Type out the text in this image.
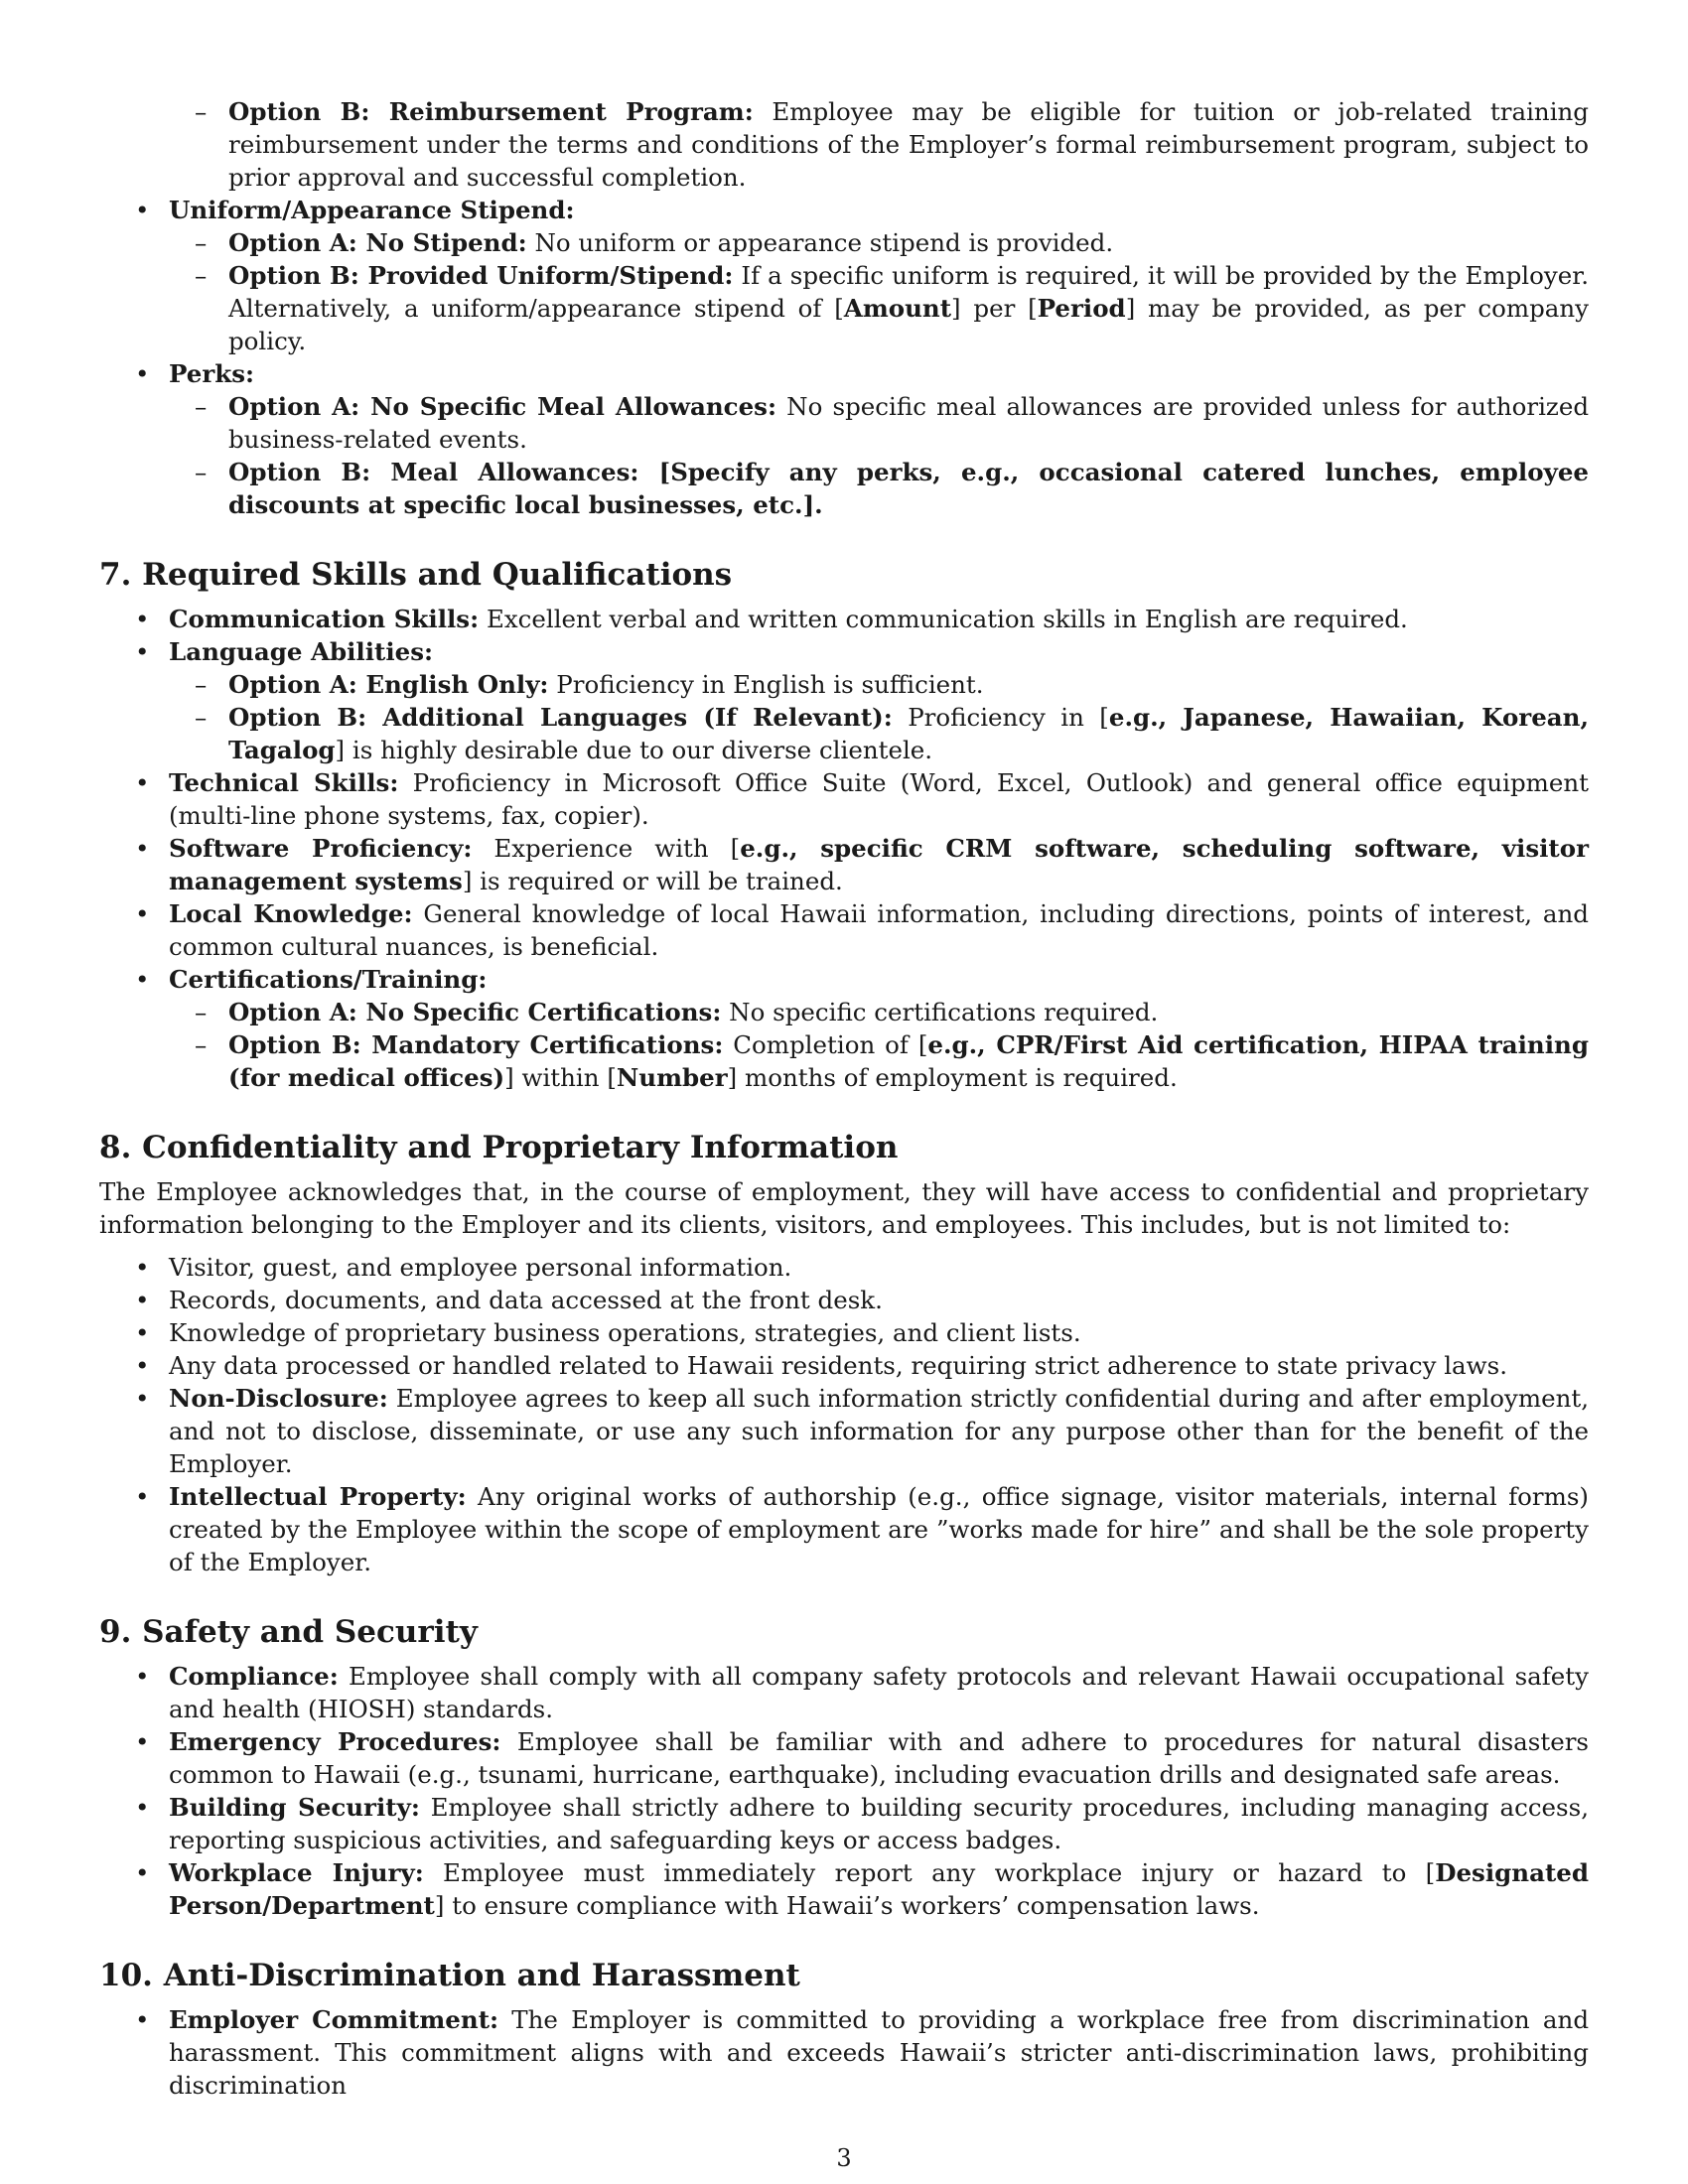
– Option B: Reimbursement Program: Employee may be eligible for tuition or job-related training reimbursement under the terms and conditions of the Employer’s formal reimbursement program, subject to prior approval and successful completion.
• Uniform/Appearance Stipend:
– Option A: No Stipend: No uniform or appearance stipend is provided.
– Option B: Provided Uniform/Stipend: If a specific uniform is required, it will be provided by the Employer. Alternatively, a uniform/appearance stipend of [Amount] per [Period] may be provided, as per company policy.
• Perks:
– Option A: No Specific Meal Allowances: No specific meal allowances are provided unless for authorized business-related events.
– Option B: Meal Allowances: [Specify any perks, e.g., occasional catered lunches, employee discounts at specific local businesses, etc.].
7. Required Skills and Qualifications
• Communication Skills: Excellent verbal and written communication skills in English are required.
• Language Abilities:
– Option A: English Only: Proficiency in English is sufficient.
– Option B: Additional Languages (If Relevant): Proficiency in [e.g., Japanese, Hawaiian, Korean, Tagalog] is highly desirable due to our diverse clientele.
• Technical Skills: Proficiency in Microsoft Office Suite (Word, Excel, Outlook) and general office equipment (multi-line phone systems, fax, copier).
• Software Proficiency: Experience with [e.g., specific CRM software, scheduling software, visitor management systems] is required or will be trained.
• Local Knowledge: General knowledge of local Hawaii information, including directions, points of interest, and common cultural nuances, is beneficial.
• Certifications/Training:
– Option A: No Specific Certifications: No specific certifications required.
– Option B: Mandatory Certifications: Completion of [e.g., CPR/First Aid certification, HIPAA training (for medical offices)] within [Number] months of employment is required.
8. Confidentiality and Proprietary Information

The Employee acknowledges that, in the course of employment, they will have access to confidential and proprietary information belonging to the Employer and its clients, visitors, and employees. This includes, but is not limited to:

• Visitor, guest, and employee personal information.
• Records, documents, and data accessed at the front desk.
• Knowledge of proprietary business operations, strategies, and client lists.
• Any data processed or handled related to Hawaii residents, requiring strict adherence to state privacy laws.
• Non-Disclosure: Employee agrees to keep all such information strictly confidential during and after employment, and not to disclose, disseminate, or use any such information for any purpose other than for the benefit of the Employer.
• Intellectual Property: Any original works of authorship (e.g., office signage, visitor materials, internal forms) created by the Employee within the scope of employment are ”works made for hire” and shall be the sole property of the Employer.
9. Safety and Security
• Compliance: Employee shall comply with all company safety protocols and relevant Hawaii occupational safety and health (HIOSH) standards.
• Emergency Procedures: Employee shall be familiar with and adhere to procedures for natural disasters common to Hawaii (e.g., tsunami, hurricane, earthquake), including evacuation drills and designated safe areas.
• Building Security: Employee shall strictly adhere to building security procedures, including managing access, reporting suspicious activities, and safeguarding keys or access badges.
• Workplace Injury: Employee must immediately report any workplace injury or hazard to [Designated Person/Department] to ensure compliance with Hawaii’s workers’ compensation laws.
10. Anti-Discrimination and Harassment
• Employer Commitment: The Employer is committed to providing a workplace free from discrimination and harassment. This commitment aligns with and exceeds Hawaii’s stricter anti-discrimination laws, prohibiting discrimination
3
